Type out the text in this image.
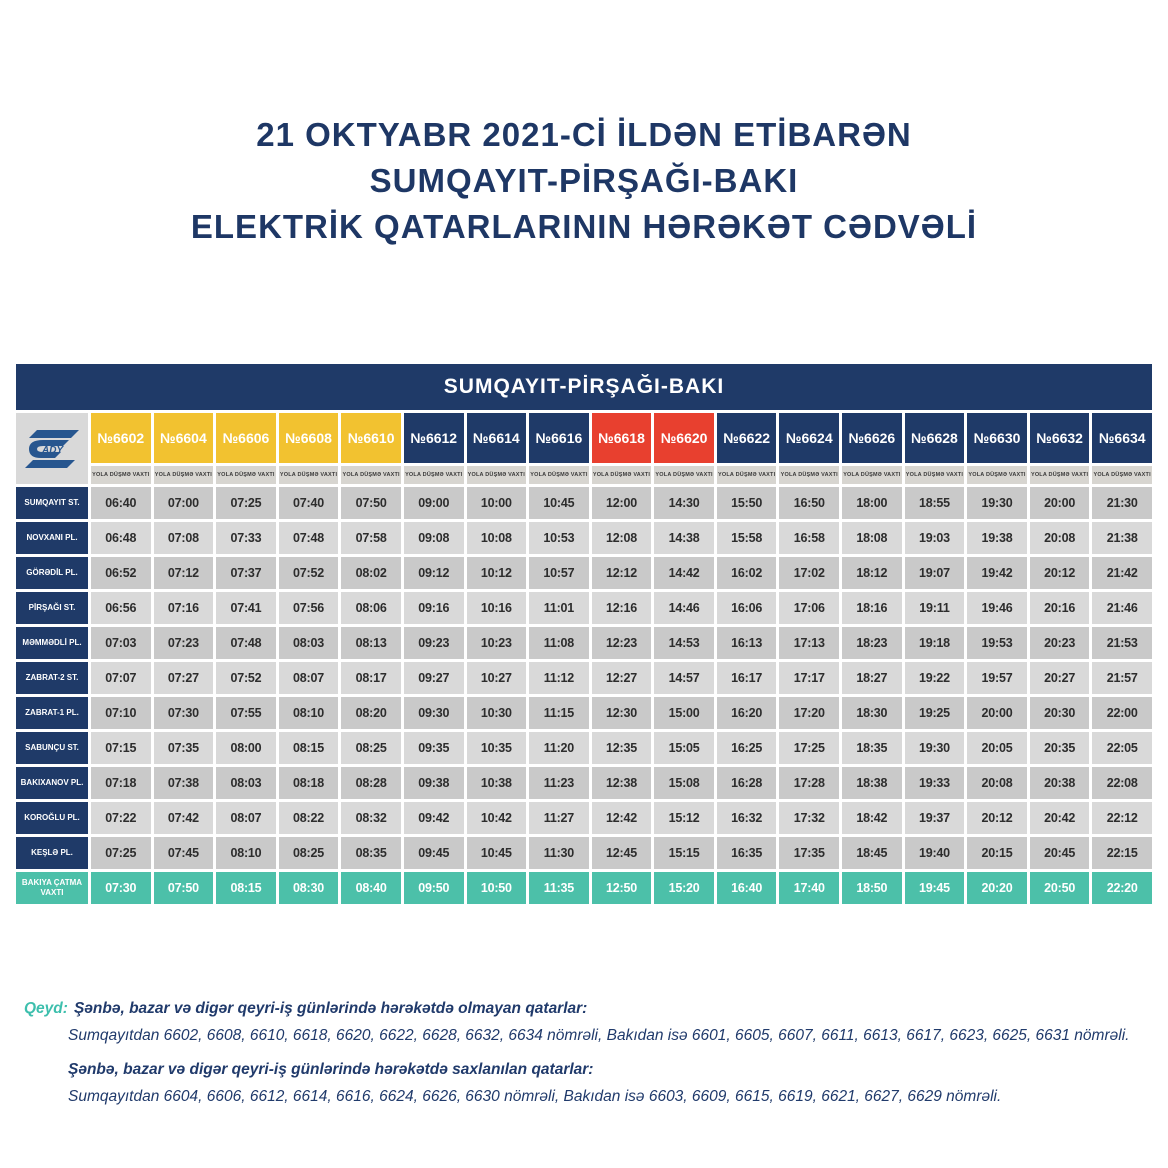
21 OKTYABR 2021-Cİ İLDƏN ETİBARƏN
SUMQAYIT-PİRŞAĞI-BAKI
ELEKTRİK QATARLARININ HƏRƏKƏT CƏDVƏLİ
SUMQAYIT-PİRŞAĞI-BAKI
ADY
№6602	№6604	№6606	№6608	№6610	№6612	№6614	№6616	№6618	№6620	№6622	№6624	№6626	№6628	№6630	№6632	№6634
YOLA DÜŞMƏ VAXTI YOLA DÜŞMƏ VAXTI YOLA DÜŞMƏ VAXTI YOLA DÜŞMƏ VAXTI YOLA DÜŞMƏ VAXTI YOLA DÜŞMƏ VAXTI YOLA DÜŞMƏ VAXTI YOLA DÜŞMƏ VAXTI YOLA DÜŞMƏ VAXTI YOLA DÜŞMƏ VAXTI YOLA DÜŞMƏ VAXTI YOLA DÜŞMƏ VAXTI YOLA DÜŞMƏ VAXTI YOLA DÜŞMƏ VAXTI YOLA DÜŞMƏ VAXTI YOLA DÜŞMƏ VAXTI YOLA DÜŞMƏ VAXTI
SUMQAYIT ST.	06:40	07:00	07:25	07:40	07:50	09:00	10:00	10:45	12:00	14:30	15:50	16:50	18:00	18:55	19:30	20:00	21:30
NOVXANI PL.	06:48	07:08	07:33	07:48	07:58	09:08	10:08	10:53	12:08	14:38	15:58	16:58	18:08	19:03	19:38	20:08	21:38
GÖRƏDİL PL.	06:52	07:12	07:37	07:52	08:02	09:12	10:12	10:57	12:12	14:42	16:02	17:02	18:12	19:07	19:42	20:12	21:42
PİRŞAĞI ST.	06:56	07:16	07:41	07:56	08:06	09:16	10:16	11:01	12:16	14:46	16:06	17:06	18:16	19:11	19:46	20:16	21:46
MƏMMƏDLİ PL.	07:03	07:23	07:48	08:03	08:13	09:23	10:23	11:08	12:23	14:53	16:13	17:13	18:23	19:18	19:53	20:23	21:53
ZABRAT-2 ST.	07:07	07:27	07:52	08:07	08:17	09:27	10:27	11:12	12:27	14:57	16:17	17:17	18:27	19:22	19:57	20:27	21:57
ZABRAT-1 PL.	07:10	07:30	07:55	08:10	08:20	09:30	10:30	11:15	12:30	15:00	16:20	17:20	18:30	19:25	20:00	20:30	22:00
SABUNÇU ST.	07:15	07:35	08:00	08:15	08:25	09:35	10:35	11:20	12:35	15:05	16:25	17:25	18:35	19:30	20:05	20:35	22:05
BAKIXANOV PL.	07:18	07:38	08:03	08:18	08:28	09:38	10:38	11:23	12:38	15:08	16:28	17:28	18:38	19:33	20:08	20:38	22:08
KOROĞLU PL.	07:22	07:42	08:07	08:22	08:32	09:42	10:42	11:27	12:42	15:12	16:32	17:32	18:42	19:37	20:12	20:42	22:12
KEŞLƏ PL.	07:25	07:45	08:10	08:25	08:35	09:45	10:45	11:30	12:45	15:15	16:35	17:35	18:45	19:40	20:15	20:45	22:15
BAKIYA ÇATMA VAXTI	07:30	07:50	08:15	08:30	08:40	09:50	10:50	11:35	12:50	15:20	16:40	17:40	18:50	19:45	20:20	20:50	22:20
Qeyd: Şənbə, bazar və digər qeyri-iş günlərində hərəkətdə olmayan qatarlar:
Sumqayıtdan 6602, 6608, 6610, 6618, 6620, 6622, 6628, 6632, 6634 nömrəli, Bakıdan isə 6601, 6605, 6607, 6611, 6613, 6617, 6623, 6625, 6631 nömrəli.
Şənbə, bazar və digər qeyri-iş günlərində hərəkətdə saxlanılan qatarlar:
Sumqayıtdan 6604, 6606, 6612, 6614, 6616, 6624, 6626, 6630 nömrəli, Bakıdan isə 6603, 6609, 6615, 6619, 6621, 6627, 6629 nömrəli.
